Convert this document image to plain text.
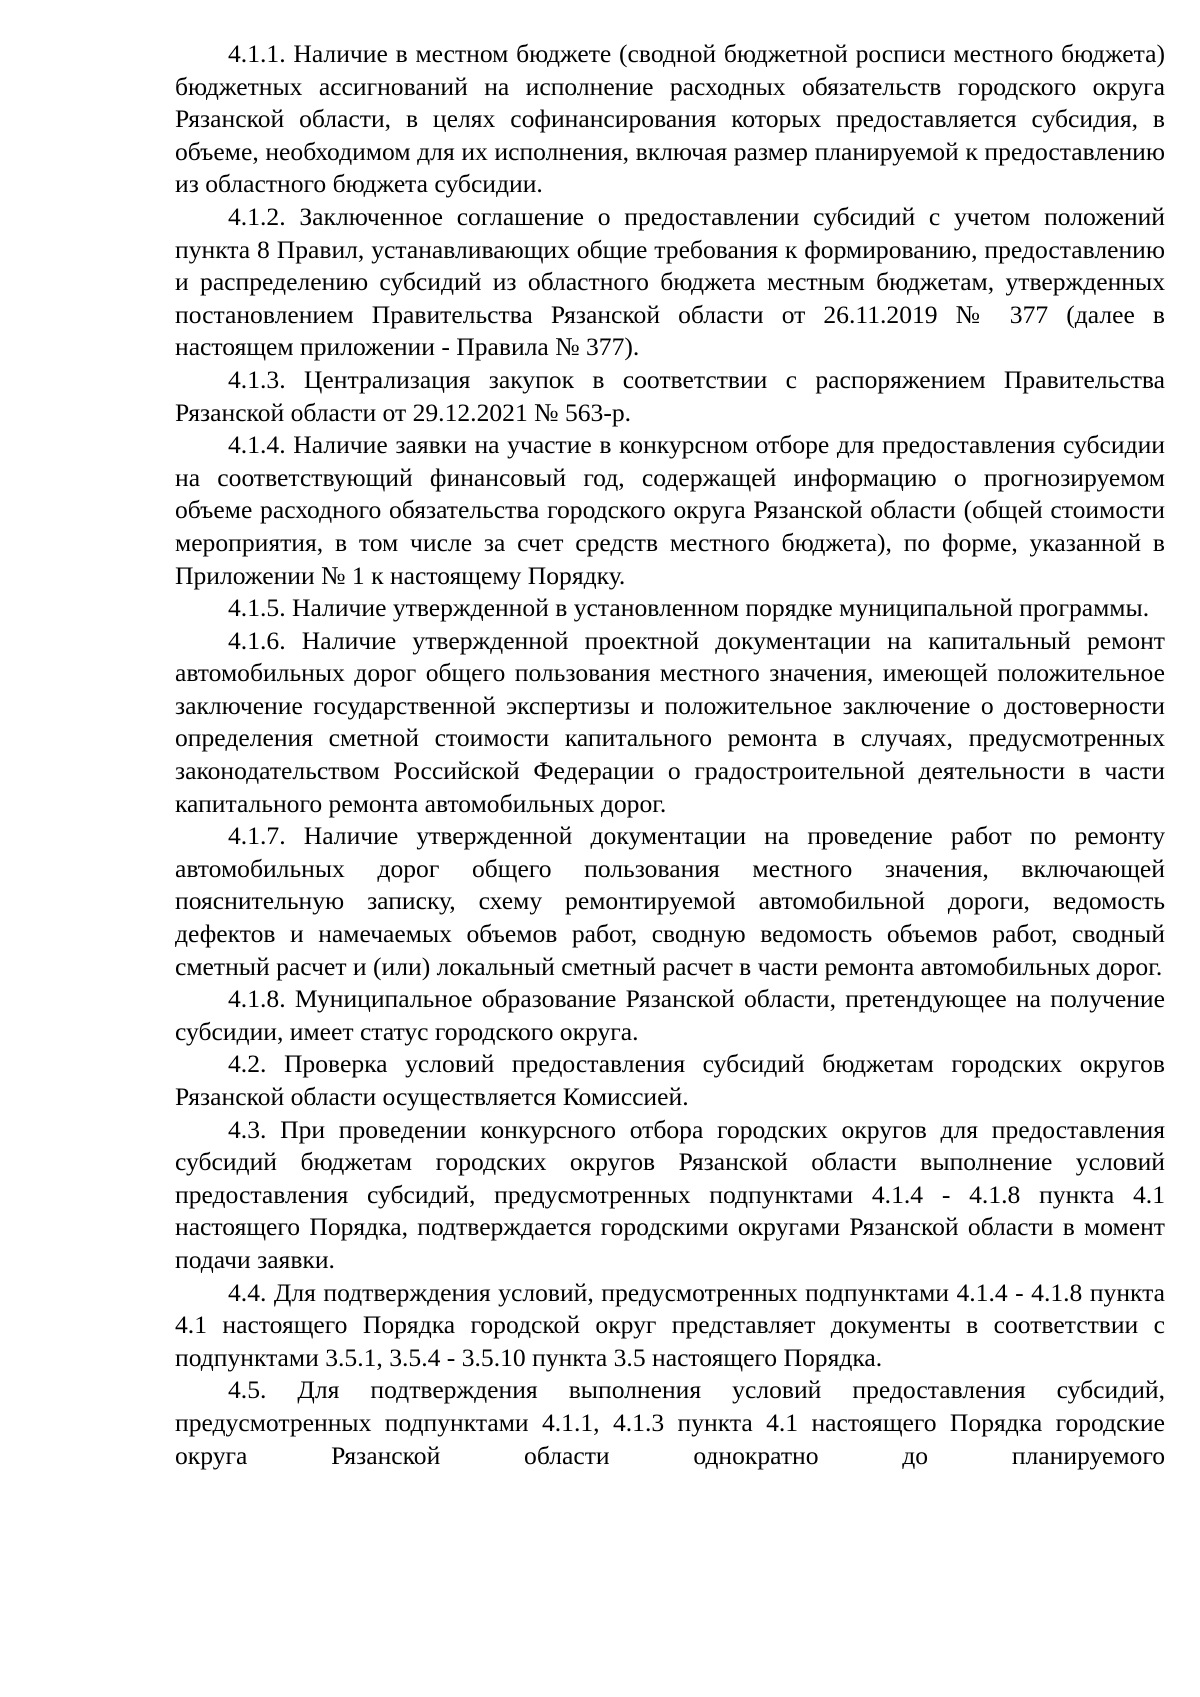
4.1.1. Наличие в местном бюджете (сводной бюджетной росписи местного бюджета) бюджетных ассигнований на исполнение расходных обязательств городского округа Рязанской области, в целях софинансирования которых предоставляется субсидия, в объеме, необходимом для их исполнения, включая размер планируемой к предоставлению из областного бюджета субсидии.

4.1.2. Заключенное соглашение о предоставлении субсидий с учетом положений пункта 8 Правил, устанавливающих общие требования к формированию, предоставлению и распределению субсидий из областного бюджета местным бюджетам, утвержденных постановлением Правительства Рязанской области от 26.11.2019 № 377 (далее в настоящем приложении - Правила № 377).

4.1.3. Централизация закупок в соответствии с распоряжением Правительства Рязанской области от 29.12.2021 № 563-р.

4.1.4. Наличие заявки на участие в конкурсном отборе для предоставления субсидии на соответствующий финансовый год, содержащей информацию о прогнозируемом объеме расходного обязательства городского округа Рязанской области (общей стоимости мероприятия, в том числе за счет средств местного бюджета), по форме, указанной в Приложении № 1 к настоящему Порядку.

4.1.5. Наличие утвержденной в установленном порядке муниципальной программы.

4.1.6. Наличие утвержденной проектной документации на капитальный ремонт автомобильных дорог общего пользования местного значения, имеющей положительное заключение государственной экспертизы и положительное заключение о достоверности определения сметной стоимости капитального ремонта в случаях, предусмотренных законодательством Российской Федерации о градостроительной деятельности в части капитального ремонта автомобильных дорог.

4.1.7. Наличие утвержденной документации на проведение работ по ремонту автомобильных дорог общего пользования местного значения, включающей пояснительную записку, схему ремонтируемой автомобильной дороги, ведомость дефектов и намечаемых объемов работ, сводную ведомость объемов работ, сводный сметный расчет и (или) локальный сметный расчет в части ремонта автомобильных дорог.

4.1.8. Муниципальное образование Рязанской области, претендующее на получение субсидии, имеет статус городского округа.

4.2. Проверка условий предоставления субсидий бюджетам городских округов Рязанской области осуществляется Комиссией.

4.3. При проведении конкурсного отбора городских округов для предоставления субсидий бюджетам городских округов Рязанской области выполнение условий предоставления субсидий, предусмотренных подпунктами 4.1.4 - 4.1.8 пункта 4.1 настоящего Порядка, подтверждается городскими округами Рязанской области в момент подачи заявки.

4.4. Для подтверждения условий, предусмотренных подпунктами 4.1.4 - 4.1.8 пункта 4.1 настоящего Порядка городской округ представляет документы в соответствии с подпунктами 3.5.1, 3.5.4 - 3.5.10 пункта 3.5 настоящего Порядка.

4.5. Для подтверждения выполнения условий предоставления субсидий, предусмотренных подпунктами 4.1.1, 4.1.3 пункта 4.1 настоящего Порядка городские округа Рязанской области однократно до планируемого
